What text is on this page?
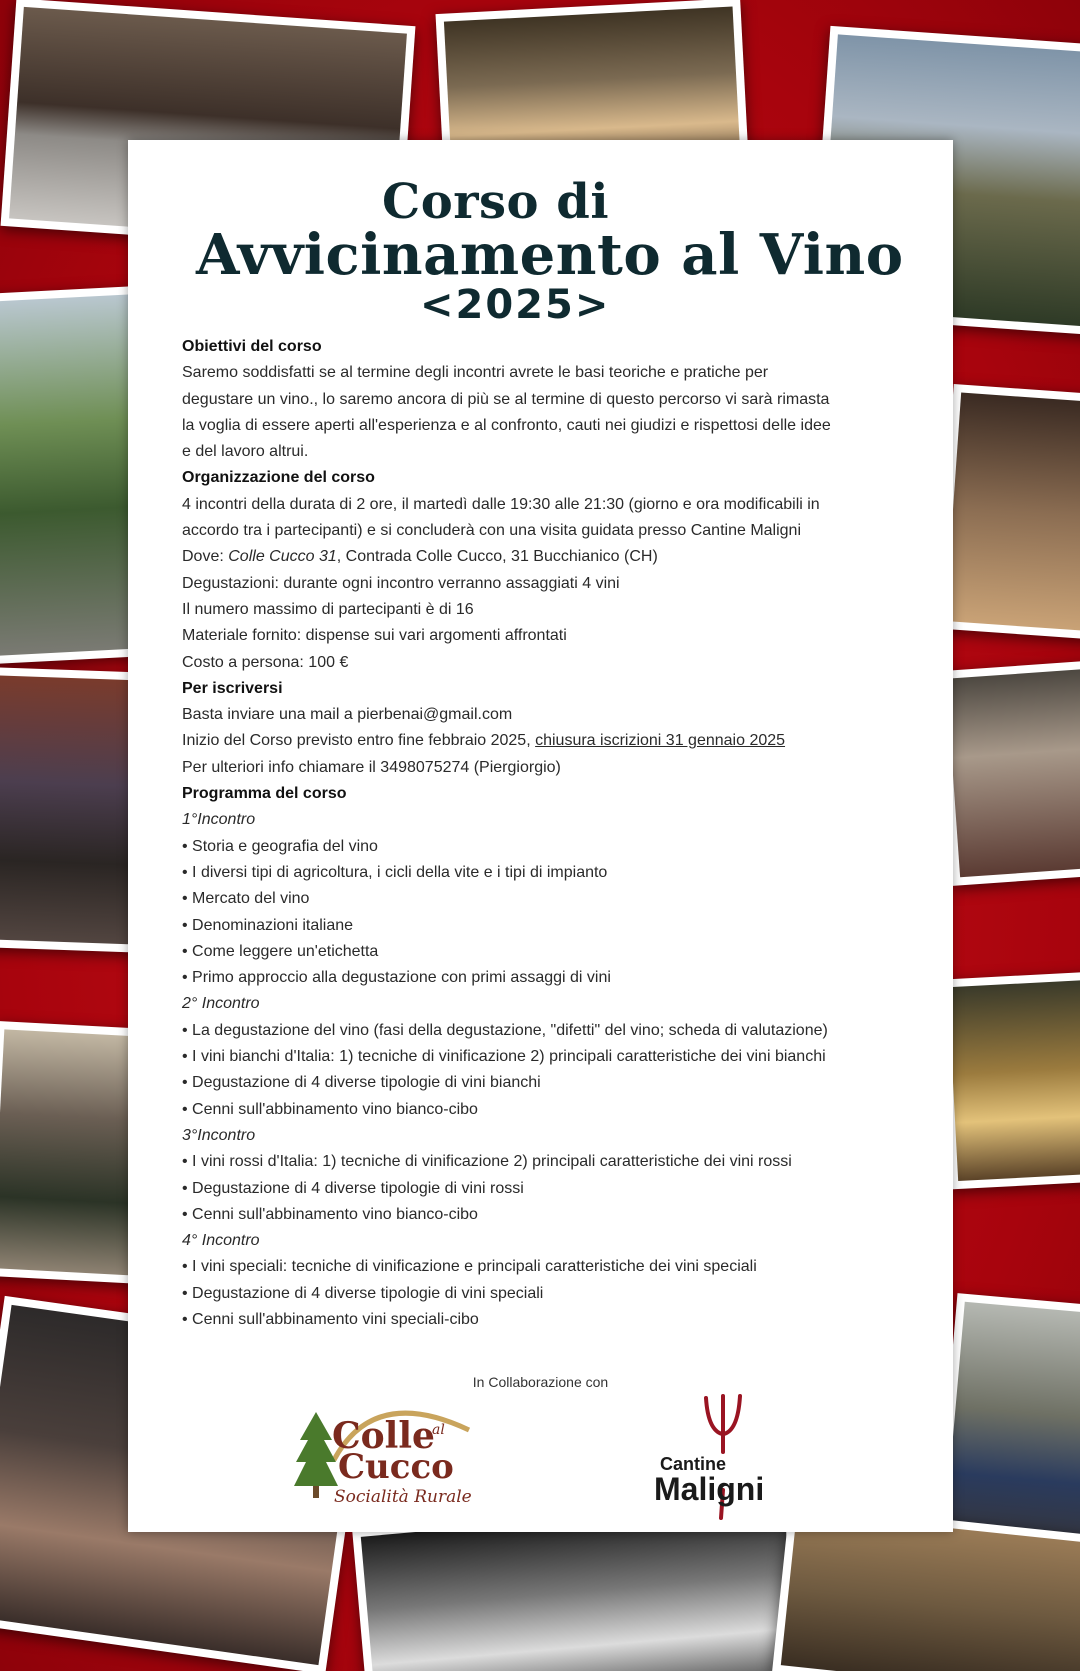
Corso di
Avvicinamento al Vino
<2025>
Obiettivi del corso
Saremo soddisfatti se al termine degli incontri avrete le basi teoriche e pratiche per
degustare un vino., lo saremo ancora di più se al termine di questo percorso vi sarà rimasta
la voglia di essere aperti all'esperienza e al confronto, cauti nei giudizi e rispettosi delle idee
e del lavoro altrui.
Organizzazione del corso
4 incontri della durata di 2 ore, il martedì dalle 19:30 alle 21:30 (giorno e ora modificabili in
accordo tra i partecipanti) e si concluderà con una visita guidata presso Cantine Maligni
Dove: Colle Cucco 31, Contrada Colle Cucco, 31 Bucchianico (CH)
Degustazioni: durante ogni incontro verranno assaggiati 4 vini
Il numero massimo di partecipanti è di 16
Materiale fornito: dispense sui vari argomenti affrontati
Costo a persona: 100 €
Per iscriversi
Basta inviare una mail a pierbenai@gmail.com
Inizio del Corso previsto entro fine febbraio 2025, chiusura iscrizioni 31 gennaio 2025
Per ulteriori info chiamare il 3498075274 (Piergiorgio)
Programma del corso
1°Incontro
• Storia e geografia del vino
• I diversi tipi di agricoltura, i cicli della vite e i tipi di impianto
• Mercato del vino
• Denominazioni italiane
• Come leggere un'etichetta
• Primo approccio alla degustazione con primi assaggi di vini
2° Incontro
• La degustazione del vino (fasi della degustazione, "difetti" del vino; scheda di valutazione)
• I vini bianchi d'Italia: 1) tecniche di vinificazione 2) principali caratteristiche dei vini bianchi
• Degustazione di 4 diverse tipologie di vini bianchi
• Cenni sull'abbinamento vino bianco-cibo
3°Incontro
• I vini rossi d'Italia: 1) tecniche di vinificazione 2) principali caratteristiche dei vini rossi
• Degustazione di 4 diverse tipologie di vini rossi
• Cenni sull'abbinamento vino bianco-cibo
4° Incontro
• I vini speciali: tecniche di vinificazione e principali caratteristiche dei vini speciali
• Degustazione di 4 diverse tipologie di vini speciali
• Cenni sull'abbinamento vini speciali-cibo
In Collaborazione con
Colle
al
Cucco
Socialità Rurale
Cantine
Maligni
